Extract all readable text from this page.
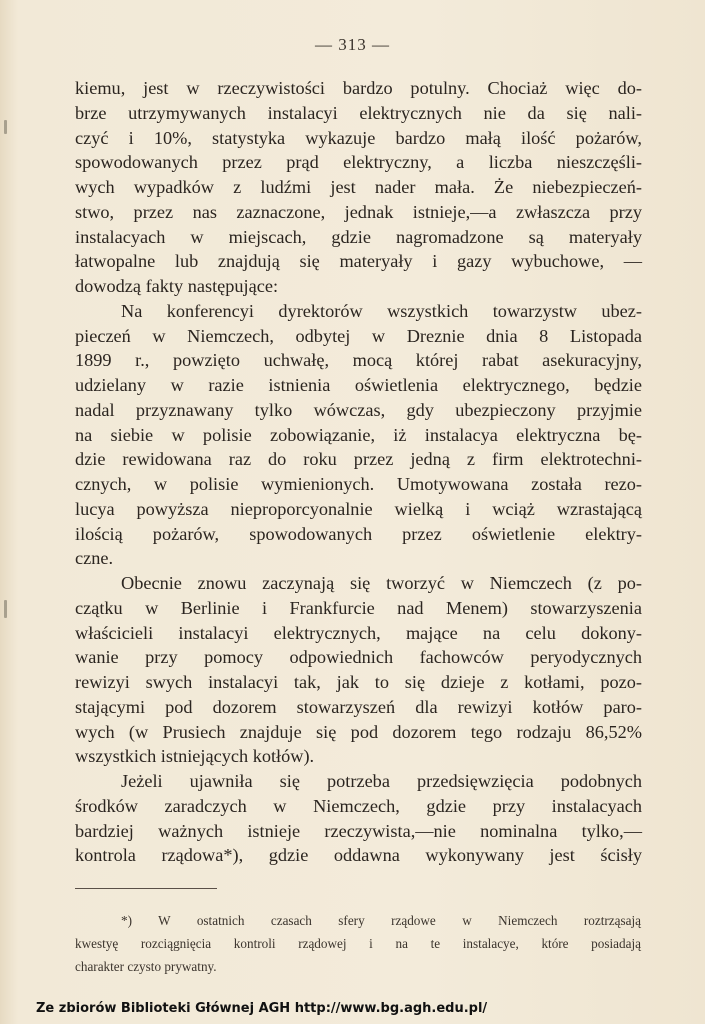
— 313 —
kiemu, jest w rzeczywistości bardzo potulny. Chociaż więc do-
brze utrzymywanych instalacyi elektrycznych nie da się nali-
czyć i 10%, statystyka wykazuje bardzo małą ilość pożarów,
spowodowanych przez prąd elektryczny, a liczba nieszczęśli-
wych wypadków z ludźmi jest nader mała. Że niebezpieczeń-
stwo, przez nas zaznaczone, jednak istnieje,—a zwłaszcza przy
instalacyach w miejscach, gdzie nagromadzone są materyały
łatwopalne lub znajdują się materyały i gazy wybuchowe, —
dowodzą fakty następujące:
Na konferencyi dyrektorów wszystkich towarzystw ubez-
pieczeń w Niemczech, odbytej w Dreznie dnia 8 Listopada
1899 r., powzięto uchwałę, mocą której rabat asekuracyjny,
udzielany w razie istnienia oświetlenia elektrycznego, będzie
nadal przyznawany tylko wówczas, gdy ubezpieczony przyjmie
na siebie w polisie zobowiązanie, iż instalacya elektryczna bę-
dzie rewidowana raz do roku przez jedną z firm elektrotechni-
cznych, w polisie wymienionych. Umotywowana została rezo-
lucya powyższa nieproporcyonalnie wielką i wciąż wzrastającą
ilością pożarów, spowodowanych przez oświetlenie elektry-
czne.
Obecnie znowu zaczynają się tworzyć w Niemczech (z po-
czątku w Berlinie i Frankfurcie nad Menem) stowarzyszenia
właścicieli instalacyi elektrycznych, mające na celu dokony-
wanie przy pomocy odpowiednich fachowców peryodycznych
rewizyi swych instalacyi tak, jak to się dzieje z kotłami, pozo-
stającymi pod dozorem stowarzyszeń dla rewizyi kotłów paro-
wych (w Prusiech znajduje się pod dozorem tego rodzaju 86,52%
wszystkich istniejących kotłów).
Jeżeli ujawniła się potrzeba przedsięwzięcia podobnych
środków zaradczych w Niemczech, gdzie przy instalacyach
bardziej ważnych istnieje rzeczywista,—nie nominalna tylko,—
kontrola rządowa*), gdzie oddawna wykonywany jest ścisły
*) W ostatnich czasach sfery rządowe w Niemczech roztrząsają
kwestyę rozciągnięcia kontroli rządowej i na te instalacye, które posiadają
charakter czysto prywatny.
Ze zbiorów Biblioteki Głównej AGH http://www.bg.agh.edu.pl/
